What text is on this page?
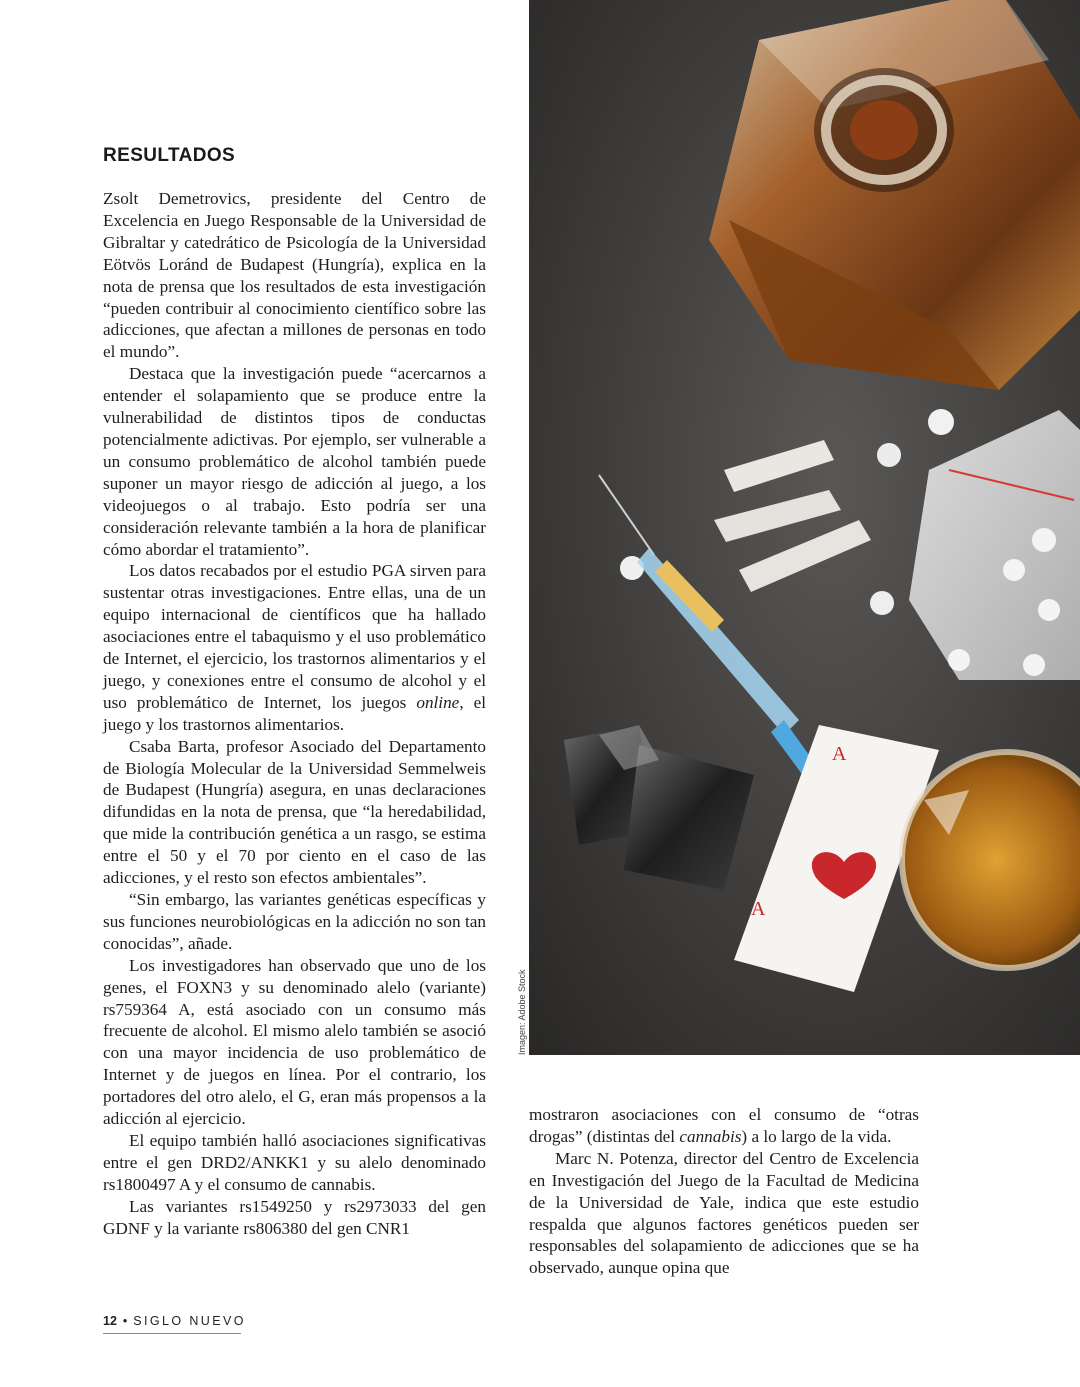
RESULTADOS

Zsolt Demetrovics, presidente del Centro de Excelencia en Juego Responsable de la Universidad de Gibraltar y catedrático de Psicología de la Universidad Eötvös Loránd de Budapest (Hungría), explica en la nota de prensa que los resultados de esta investigación “pueden contribuir al conocimiento científico sobre las adicciones, que afectan a millones de personas en todo el mundo”.

Destaca que la investigación puede “acercarnos a entender el solapamiento que se produce entre la vulnerabilidad de distintos tipos de conductas potencialmente adictivas. Por ejemplo, ser vulnerable a un consumo problemático de alcohol también puede suponer un mayor riesgo de adicción al juego, a los videojuegos o al trabajo. Esto podría ser una consideración relevante también a la hora de planificar cómo abordar el tratamiento”.

Los datos recabados por el estudio PGA sirven para sustentar otras investigaciones. Entre ellas, una de un equipo internacional de científicos que ha hallado asociaciones entre el tabaquismo y el uso problemático de Internet, el ejercicio, los trastornos alimentarios y el juego, y conexiones entre el consumo de alcohol y el uso problemático de Internet, los juegos online, el juego y los trastornos alimentarios.

Csaba Barta, profesor Asociado del Departamento de Biología Molecular de la Universidad Semmelweis de Budapest (Hungría) asegura, en unas declaraciones difundidas en la nota de prensa, que “la heredabilidad, que mide la contribución genética a un rasgo, se estima entre el 50 y el 70 por ciento en el caso de las adicciones, y el resto son efectos ambientales”.

“Sin embargo, las variantes genéticas específicas y sus funciones neurobiológicas en la adicción no son tan conocidas”, añade.

Los investigadores han observado que uno de los genes, el FOXN3 y su denominado alelo (variante) rs759364 A, está asociado con un consumo más frecuente de alcohol. El mismo alelo también se asoció con una mayor incidencia de uso problemático de Internet y de juegos en línea. Por el contrario, los portadores del otro alelo, el G, eran más propensos a la adicción al ejercicio.

El equipo también halló asociaciones significativas entre el gen DRD2/ANKK1 y su alelo denominado rs1800497 A y el consumo de cannabis.

Las variantes rs1549250 y rs2973033 del gen GDNF y la variante rs806380 del gen CNR1

A
A
Imagen: Adobe Stock

mostraron asociaciones con el consumo de “otras drogas” (distintas del cannabis) a lo largo de la vida.

Marc N. Potenza, director del Centro de Excelencia en Investigación del Juego de la Facultad de Medicina de la Universidad de Yale, indica que este estudio respalda que algunos factores genéticos pueden ser responsables del solapamiento de adicciones que se ha observado, aunque opina que

12 • SIGLO NUEVO
